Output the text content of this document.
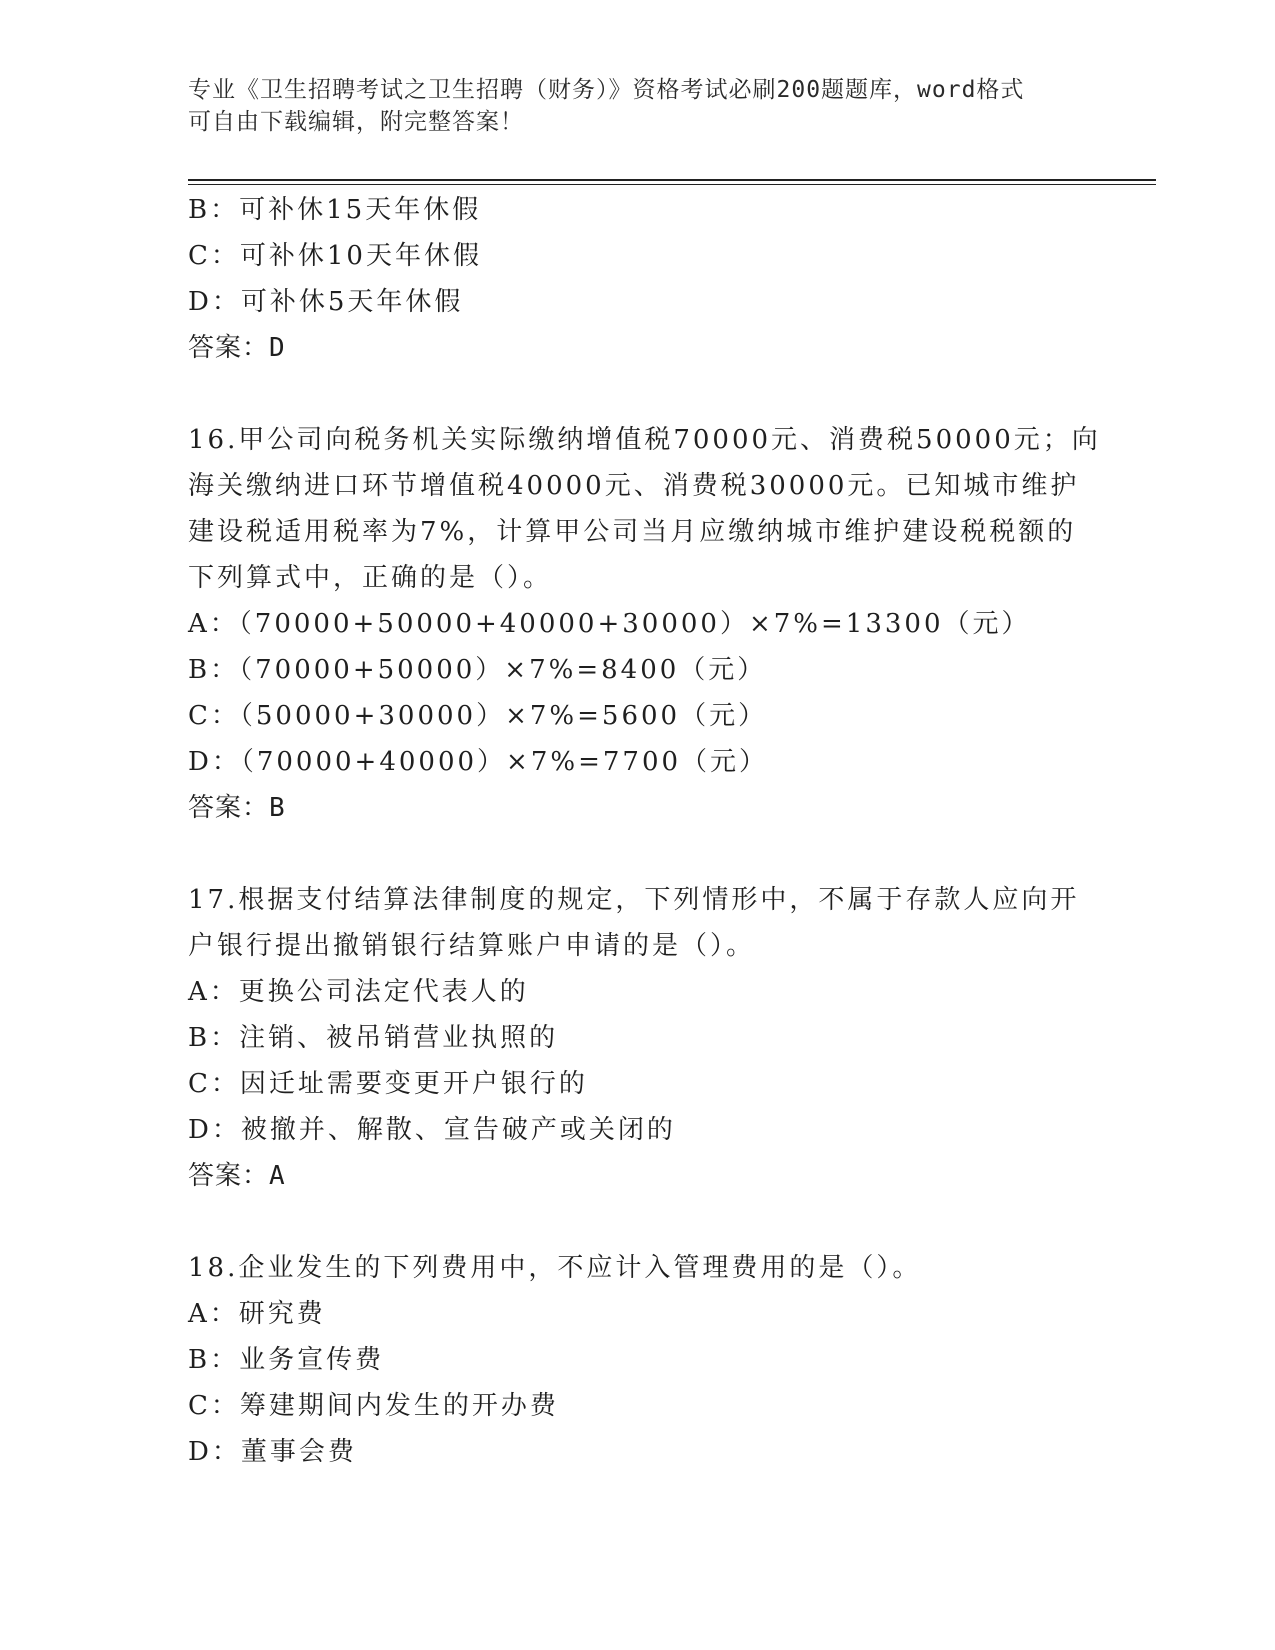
专业《卫生招聘考试之卫生招聘（财务）》资格考试必刷200题题库，word格式
可自由下载编辑，附完整答案！
B：可补休15天年休假
C：可补休10天年休假
D：可补休5天年休假
答案：D
16.甲公司向税务机关实际缴纳增值税70000元、消费税50000元；向
海关缴纳进口环节增值税40000元、消费税30000元。已知城市维护
建设税适用税率为7%，计算甲公司当月应缴纳城市维护建设税税额的
下列算式中，正确的是（）。
A：（70000+50000+40000+30000）×7%=13300（元）
B：（70000+50000）×7%=8400（元）
C：（50000+30000）×7%=5600（元）
D：（70000+40000）×7%=7700（元）
答案：B
17.根据支付结算法律制度的规定，下列情形中，不属于存款人应向开
户银行提出撤销银行结算账户申请的是（）。
A：更换公司法定代表人的
B：注销、被吊销营业执照的
C：因迁址需要变更开户银行的
D：被撤并、解散、宣告破产或关闭的
答案：A
18.企业发生的下列费用中，不应计入管理费用的是（）。
A：研究费
B：业务宣传费
C：筹建期间内发生的开办费
D：董事会费
